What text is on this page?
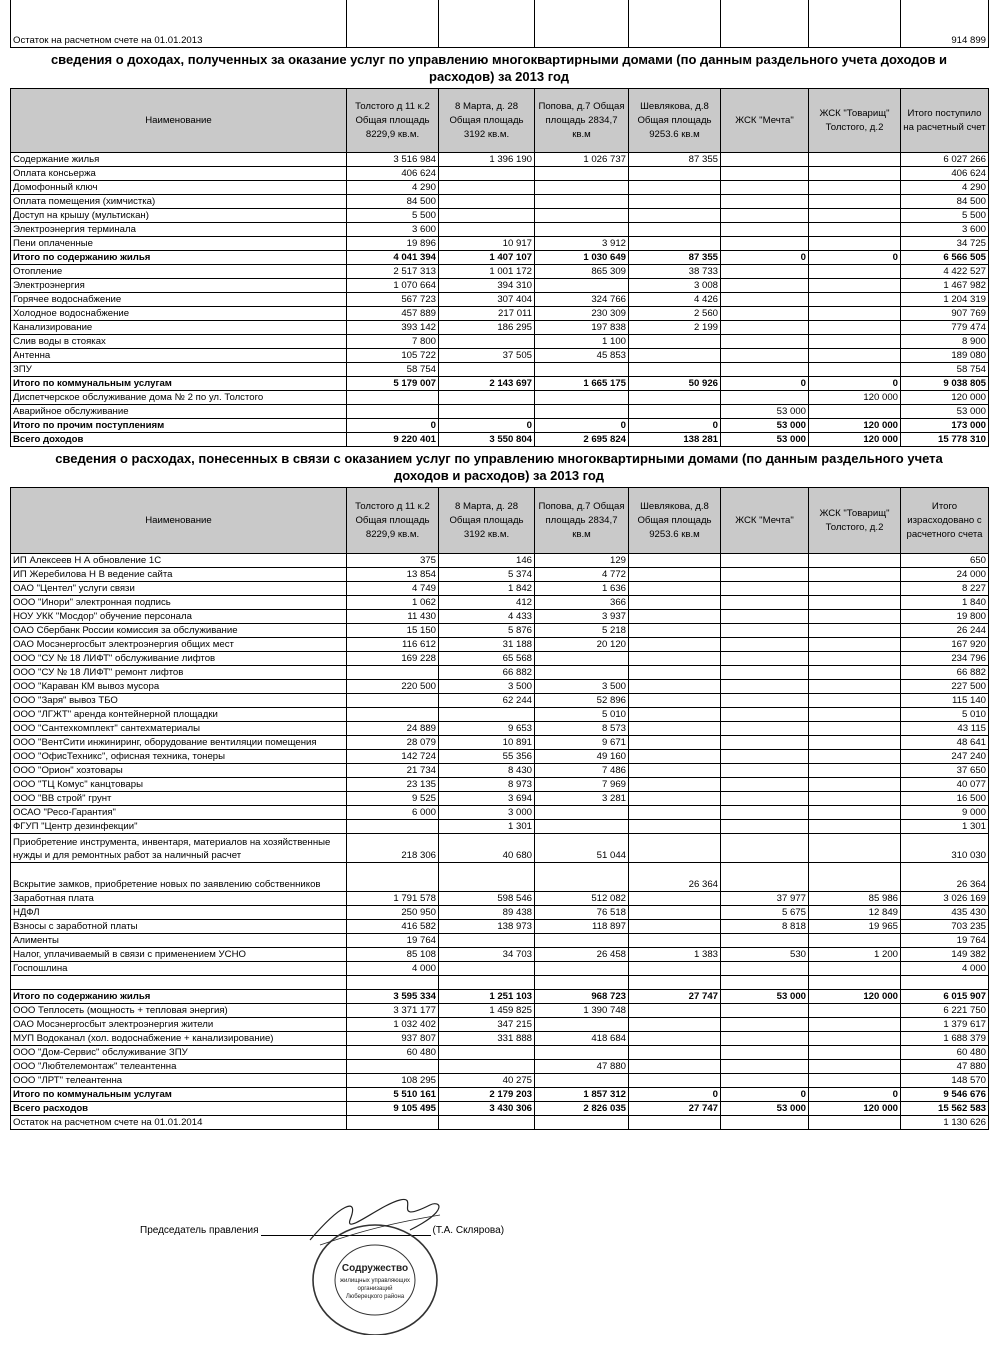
Остаток на расчетном счете на 01.01.2013							914 899
сведения о доходах, полученных за оказание услуг по управлению многоквартирными домами (по данным раздельного учета доходов и расходов) за 2013 год
Наименование	Толстого д 11 к.2 Общая площадь 8229,9 кв.м.	8 Марта, д. 28 Общая площадь 3192 кв.м.	Попова, д.7 Общая площадь 2834,7 кв.м	Шевлякова, д.8 Общая площадь 9253.6 кв.м	ЖСК "Мечта"	ЖСК "Товарищ" Толстого, д.2	Итого поступило на расчетный счет
Содержание жилья	3 516 984	1 396 190	1 026 737	87 355			6 027 266
Оплата консьержа	406 624						406 624
Домофонный ключ	4 290						4 290
Оплата помещения (химчистка)	84 500						84 500
Доступ на крышу (мультискан)	5 500						5 500
Электроэнергия терминала	3 600						3 600
Пени оплаченные	19 896	10 917	3 912				34 725
Итого по содержанию жилья	4 041 394	1 407 107	1 030 649	87 355	0	0	6 566 505
Отопление	2 517 313	1 001 172	865 309	38 733			4 422 527
Электроэнергия	1 070 664	394 310		3 008			1 467 982
Горячее водоснабжение	567 723	307 404	324 766	4 426			1 204 319
Холодное водоснабжение	457 889	217 011	230 309	2 560			907 769
Канализирование	393 142	186 295	197 838	2 199			779 474
Слив воды в стояках	7 800		1 100				8 900
Антенна	105 722	37 505	45 853				189 080
ЗПУ	58 754						58 754
Итого по коммунальным услугам	5 179 007	2 143 697	1 665 175	50 926	0	0	9 038 805
Диспетчерское обслуживание дома № 2 по ул. Толстого						120 000	120 000
Аварийное обслуживание					53 000		53 000
Итого по прочим поступлениям	0	0	0	0	53 000	120 000	173 000
Всего доходов	9 220 401	3 550 804	2 695 824	138 281	53 000	120 000	15 778 310
сведения о расходах, понесенных в связи с оказанием услуг по управлению многоквартирными домами (по данным раздельного учета доходов и расходов) за 2013 год
Наименование	Толстого д 11 к.2 Общая площадь 8229,9 кв.м.	8 Марта, д. 28 Общая площадь 3192 кв.м.	Попова, д.7 Общая площадь 2834,7 кв.м	Шевлякова, д.8 Общая площадь 9253.6 кв.м	ЖСК "Мечта"	ЖСК "Товарищ" Толстого, д.2	Итого израсходовано с расчетного счета
ИП Алексеев Н А обновление 1С	375	146	129				650
ИП Жеребилова Н В ведение сайта	13 854	5 374	4 772				24 000
ОАО "Центел" услуги связи	4 749	1 842	1 636				8 227
ООО "Инори" электронная подпись	1 062	412	366				1 840
НОУ УКК "Мосдор" обучение персонала	11 430	4 433	3 937				19 800
ОАО Сбербанк России комиссия за обслуживание	15 150	5 876	5 218				26 244
ОАО Мосэнергосбыт электроэнергия общих мест	116 612	31 188	20 120				167 920
ООО "СУ № 18 ЛИФТ" обслуживание лифтов	169 228	65 568					234 796
ООО "СУ № 18 ЛИФТ" ремонт лифтов		66 882					66 882
ООО "Караван КМ вывоз мусора	220 500	3 500	3 500				227 500
ООО "Заря" вывоз ТБО		62 244	52 896				115 140
ООО "ЛГЖТ" аренда контейнерной площадки			5 010				5 010
ООО "Сантехкомплект" сантехматериалы	24 889	9 653	8 573				43 115
ООО "ВентСити инжиниринг, оборудование вентиляции помещения	28 079	10 891	9 671				48 641
ООО "ОфисТехникс", офисная техника, тонеры	142 724	55 356	49 160				247 240
ООО "Орион" хозтовары	21 734	8 430	7 486				37 650
ООО "ТЦ Комус" канцтовары	23 135	8 973	7 969				40 077
ООО "ВВ строй" грунт	9 525	3 694	3 281				16 500
ОСАО "Ресо-Гарантия"	6 000	3 000					9 000
ФГУП "Центр дезинфекции"		1 301					1 301
Приобретение инструмента, инвентаря, материалов на хозяйственные нужды и для ремонтных работ за наличный расчет	218 306	40 680	51 044				310 030
Вскрытие замков, приобретение новых по заявлению собственников				26 364			26 364
Заработная плата	1 791 578	598 546	512 082		37 977	85 986	3 026 169
НДФЛ	250 950	89 438	76 518		5 675	12 849	435 430
Взносы с заработной платы	416 582	138 973	118 897		8 818	19 965	703 235
Алименты	19 764						19 764
Налог, уплачиваемый в связи с применением УСНО	85 108	34 703	26 458	1 383	530	1 200	149 382
Госпошлина	4 000						4 000

Итого по содержанию жилья	3 595 334	1 251 103	968 723	27 747	53 000	120 000	6 015 907
ООО Теплосеть (мощность + тепловая энергия)	3 371 177	1 459 825	1 390 748				6 221 750
ОАО Мосэнергосбыт электроэнергия жители	1 032 402	347 215					1 379 617
МУП Водоканал (хол. водоснабжение + канализирование)	937 807	331 888	418 684				1 688 379
ООО "Дом-Сервис" обслуживание ЗПУ	60 480						60 480
ООО "Любтелемонтаж" телеантенна			47 880				47 880
ООО "ЛРТ" телеантенна	108 295	40 275					148 570
Итого по коммунальным услугам	5 510 161	2 179 203	1 857 312	0	0	0	9 546 676
Всего расходов	9 105 495	3 430 306	2 826 035	27 747	53 000	120 000	15 562 583
Остаток на расчетном счете на 01.01.2014							1 130 626
Председатель правления	(Т.А. Склярова)
Содружество
жилищных управляющих
организаций
Люберецкого района
